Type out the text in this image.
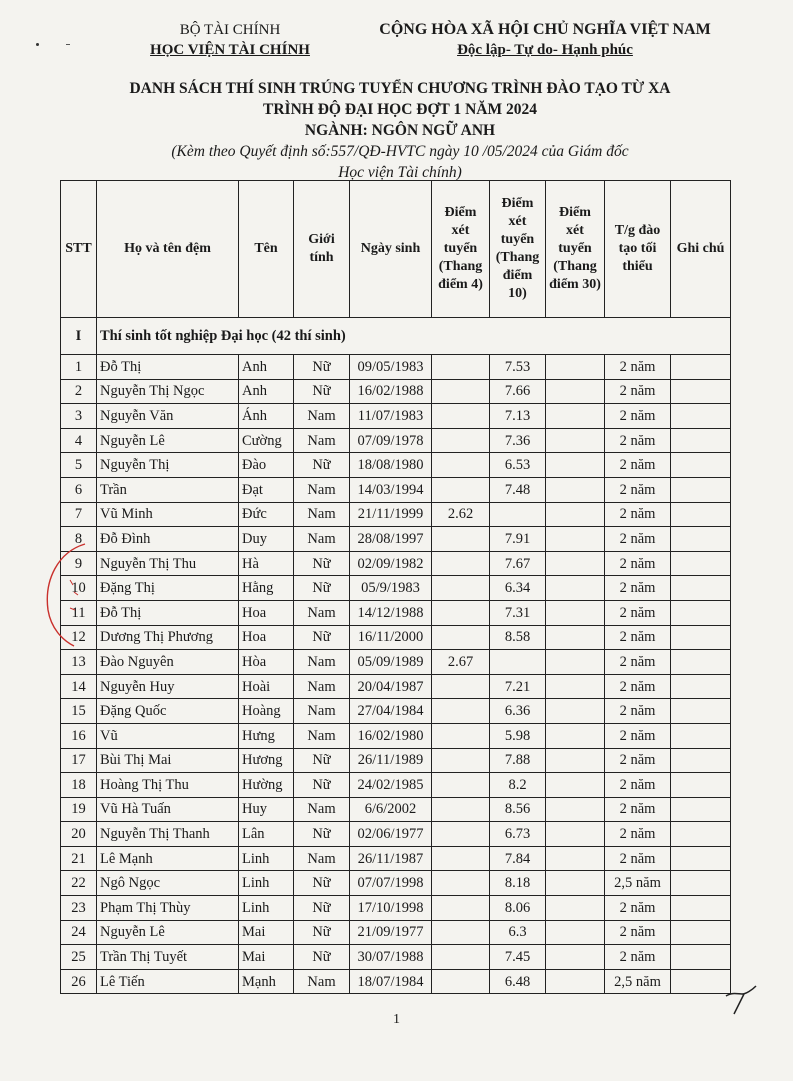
BỘ TÀI CHÍNH
HỌC VIỆN TÀI CHÍNH
CỘNG HÒA XÃ HỘI CHỦ NGHĨA VIỆT NAM
Độc lập- Tự do- Hạnh phúc
DANH SÁCH THÍ SINH TRÚNG TUYỂN CHƯƠNG TRÌNH ĐÀO TẠO TỪ XA
TRÌNH ĐỘ ĐẠI HỌC ĐỢT 1 NĂM 2024
NGÀNH: NGÔN NGỮ ANH
(Kèm theo Quyết định số:557/QĐ-HVTC ngày 10 /05/2024 của Giám đốc
Học viện Tài chính)
STT	Họ và tên đệm	Tên	Giới tính	Ngày sinh	Điểm xét tuyển (Thang điểm 4)	Điểm xét tuyển (Thang điểm 10)	Điểm xét tuyển (Thang điểm 30)	T/g đào tạo tối thiểu	Ghi chú
I	Thí sinh tốt nghiệp Đại học (42 thí sinh)								
1	Đỗ Thị	Anh	Nữ	09/05/1983		7.53		2 năm	
2	Nguyễn Thị Ngọc	Anh	Nữ	16/02/1988		7.66		2 năm	
3	Nguyễn Văn	Ánh	Nam	11/07/1983		7.13		2 năm	
4	Nguyễn Lê	Cường	Nam	07/09/1978		7.36		2 năm	
5	Nguyễn Thị	Đào	Nữ	18/08/1980		6.53		2 năm	
6	Trần	Đạt	Nam	14/03/1994		7.48		2 năm	
7	Vũ Minh	Đức	Nam	21/11/1999	2.62			2 năm	
8	Đỗ Đình	Duy	Nam	28/08/1997		7.91		2 năm	
9	Nguyễn Thị Thu	Hà	Nữ	02/09/1982		7.67		2 năm	
10	Đặng Thị	Hằng	Nữ	05/9/1983		6.34		2 năm	
11	Đỗ Thị	Hoa	Nam	14/12/1988		7.31		2 năm	
12	Dương Thị Phương	Hoa	Nữ	16/11/2000		8.58		2 năm	
13	Đào Nguyên	Hòa	Nam	05/09/1989	2.67			2 năm	
14	Nguyễn Huy	Hoài	Nam	20/04/1987		7.21		2 năm	
15	Đặng Quốc	Hoàng	Nam	27/04/1984		6.36		2 năm	
16	Vũ	Hưng	Nam	16/02/1980		5.98		2 năm	
17	Bùi Thị Mai	Hương	Nữ	26/11/1989		7.88		2 năm	
18	Hoàng Thị Thu	Hường	Nữ	24/02/1985		8.2		2 năm	
19	Vũ Hà Tuấn	Huy	Nam	6/6/2002		8.56		2 năm	
20	Nguyễn Thị Thanh	Lân	Nữ	02/06/1977		6.73		2 năm	
21	Lê Mạnh	Linh	Nam	26/11/1987		7.84		2 năm	
22	Ngô Ngọc	Linh	Nữ	07/07/1998		8.18		2,5 năm	
23	Phạm Thị Thùy	Linh	Nữ	17/10/1998		8.06		2 năm	
24	Nguyễn Lê	Mai	Nữ	21/09/1977		6.3		2 năm	
25	Trần Thị Tuyết	Mai	Nữ	30/07/1988		7.45		2 năm	
26	Lê Tiến	Mạnh	Nam	18/07/1984		6.48		2,5 năm	
1
